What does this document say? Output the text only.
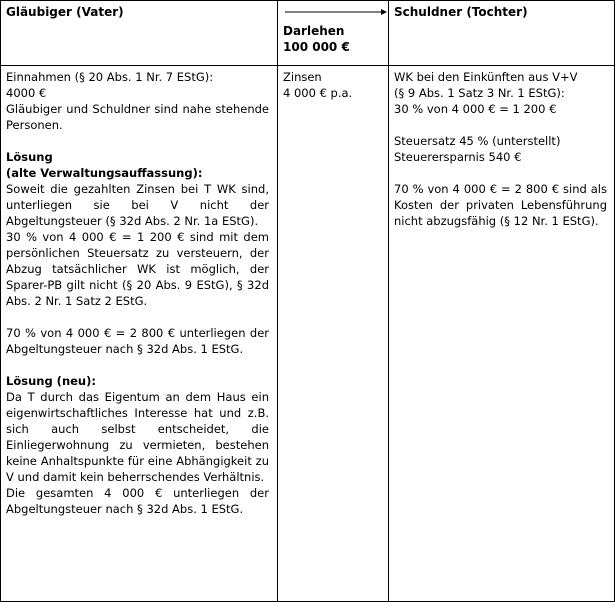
Gläubiger (Vater)
Darlehen
100 000 €
Schuldner (Tochter)

Einnahmen (§ 20 Abs. 1 Nr. 7 EStG):
4000 €
Gläubiger und Schuldner sind nahe stehende Personen.

Lösung
(alte Verwaltungsauffassung):

Soweit die gezahlten Zinsen bei T WK sind, unterliegen sie bei V nicht der Abgeltungsteuer (§ 32d Abs. 2 Nr. 1a EStG).

30 % von 4 000 € = 1 200 € sind mit dem persönlichen Steuersatz zu versteuern, der Abzug tatsächlicher WK ist möglich, der Sparer-PB gilt nicht (§ 20 Abs. 9 EStG), § 32d Abs. 2 Nr. 1 Satz 2 EStG.

70 % von 4 000 € = 2 800 € unterliegen der Abgeltungsteuer nach § 32d Abs. 1 EStG.

Lösung (neu):

Da T durch das Eigentum an dem Haus ein eigenwirtschaftliches Interesse hat und z.B. sich auch selbst entscheidet, die Einliegerwohnung zu vermieten, bestehen keine Anhaltspunkte für eine Abhängigkeit zu V und damit kein beherrschendes Verhältnis.

Die gesamten 4 000 € unterliegen der Abgeltungsteuer nach § 32d Abs. 1 EStG.

Zinsen
4 000 € p.a.

WK bei den Einkünften aus V+V

(§ 9 Abs. 1 Satz 3 Nr. 1 EStG):
30 % von 4 000 € = 1 200 €

Steuersatz 45 % (unterstellt)
Steuerersparnis 540 €

70 % von 4 000 € = 2 800 € sind als Kosten der privaten Lebensführung nicht abzugsfähig (§ 12 Nr. 1 EStG).
